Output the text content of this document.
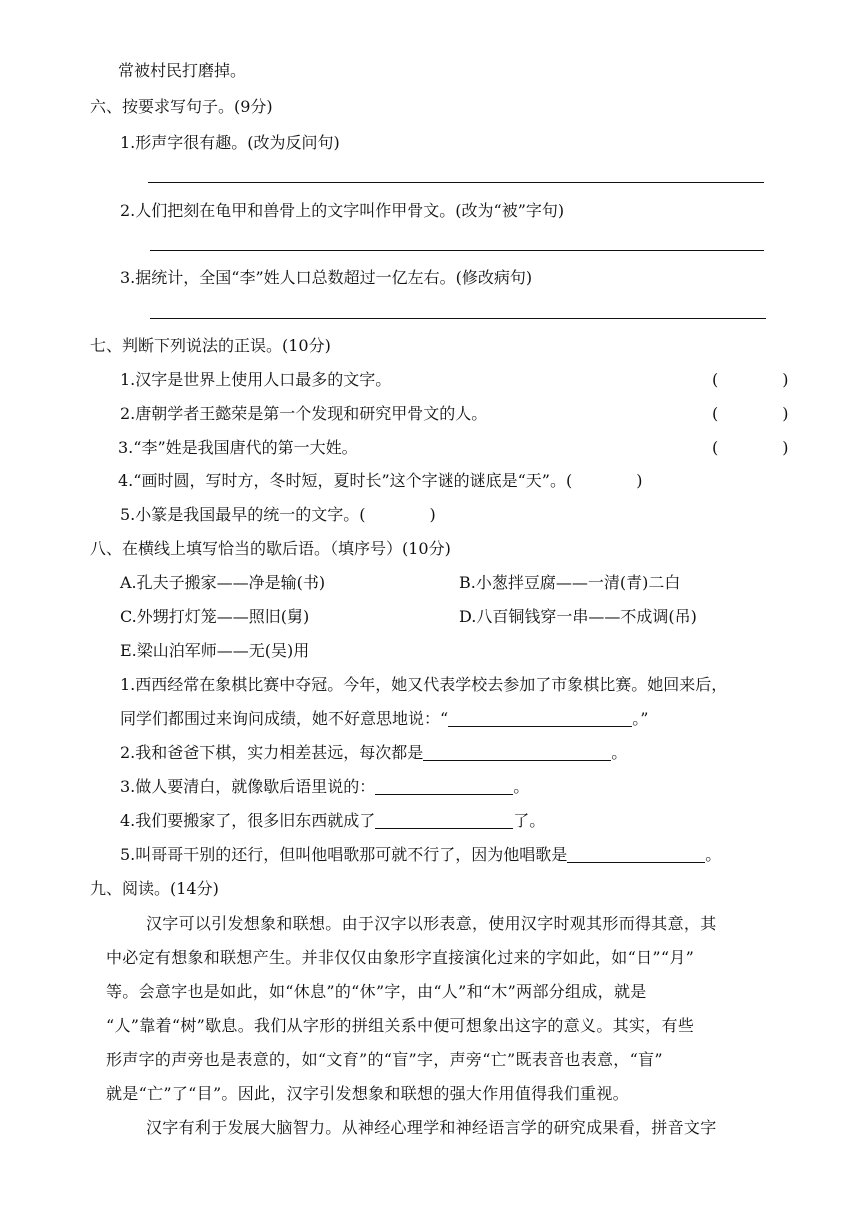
常被村民打磨掉。
六、按要求写句子。(9分)
1.形声字很有趣。(改为反问句)
2.人们把刻在龟甲和兽骨上的文字叫作甲骨文。(改为“被”字句)
3.据统计，全国“李”姓人口总数超过一亿左右。(修改病句)
七、判断下列说法的正误。(10分)
1.汉字是世界上使用人口最多的文字。	(	)
2.唐朝学者王懿荣是第一个发现和研究甲骨文的人。	(	)
3.“李”姓是我国唐代的第一大姓。	(	)
4.“画时圆，写时方，冬时短，夏时长”这个字谜的谜底是“天”。(	)
5.小篆是我国最早的统一的文字。(	)
八、在横线上填写恰当的歇后语。（填序号）(10分)
A.孔夫子搬家——净是输(书)	B.小葱拌豆腐——一清(青)二白
C.外甥打灯笼——照旧(舅)	D.八百铜钱穿一串——不成调(吊)
E.梁山泊军师——无(吴)用
1.西西经常在象棋比赛中夺冠。今年，她又代表学校去参加了市象棋比赛。她回来后，
同学们都围过来询问成绩，她不好意思地说：“	。”
2.我和爸爸下棋，实力相差甚远，每次都是	。
3.做人要清白，就像歇后语里说的：	。
4.我们要搬家了，很多旧东西就成了	了。
5.叫哥哥干别的还行，但叫他唱歌那可就不行了，因为他唱歌是	。
九、阅读。(14分)
汉字可以引发想象和联想。由于汉字以形表意，使用汉字时观其形而得其意，其
中必定有想象和联想产生。并非仅仅由象形字直接演化过来的字如此，如“日”“月”
等。会意字也是如此，如“休息”的“休”字，由“人”和“木”两部分组成，就是
“人”靠着“树”歇息。我们从字形的拼组关系中便可想象出这字的意义。其实，有些
形声字的声旁也是表意的，如“文育”的“盲”字，声旁“亡”既表音也表意，“盲”
就是“亡”了“目”。因此，汉字引发想象和联想的强大作用值得我们重视。
汉字有利于发展大脑智力。从神经心理学和神经语言学的研究成果看，拼音文字
